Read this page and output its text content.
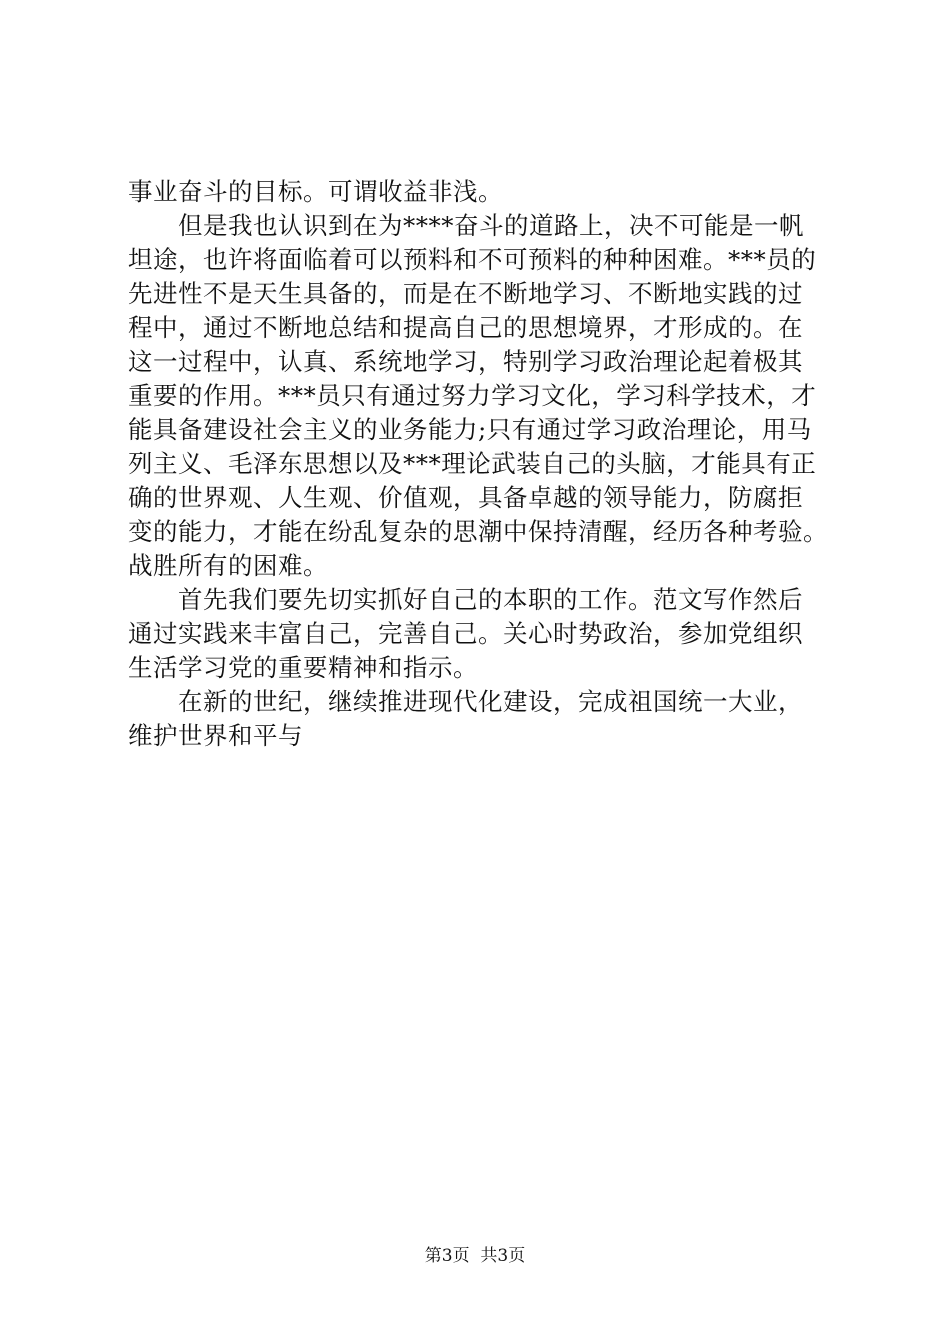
事业奋斗的目标。可谓收益非浅。
　　但是我也认识到在为****奋斗的道路上，决不可能是一帆
坦途，也许将面临着可以预料和不可预料的种种困难。***员的
先进性不是天生具备的，而是在不断地学习、不断地实践的过
程中，通过不断地总结和提高自己的思想境界，才形成的。在
这一过程中，认真、系统地学习，特别学习政治理论起着极其
重要的作用。***员只有通过努力学习文化，学习科学技术，才
能具备建设社会主义的业务能力;只有通过学习政治理论，用马
列主义、毛泽东思想以及***理论武装自己的头脑，才能具有正
确的世界观、人生观、价值观，具备卓越的领导能力，防腐拒
变的能力，才能在纷乱复杂的思潮中保持清醒，经历各种考验。
战胜所有的困难。
　　首先我们要先切实抓好自己的本职的工作。范文写作然后
通过实践来丰富自己，完善自己。关心时势政治，参加党组织
生活学习党的重要精神和指示。
　　在新的世纪，继续推进现代化建设，完成祖国统一大业，
维护世界和平与
第3页  共3页
